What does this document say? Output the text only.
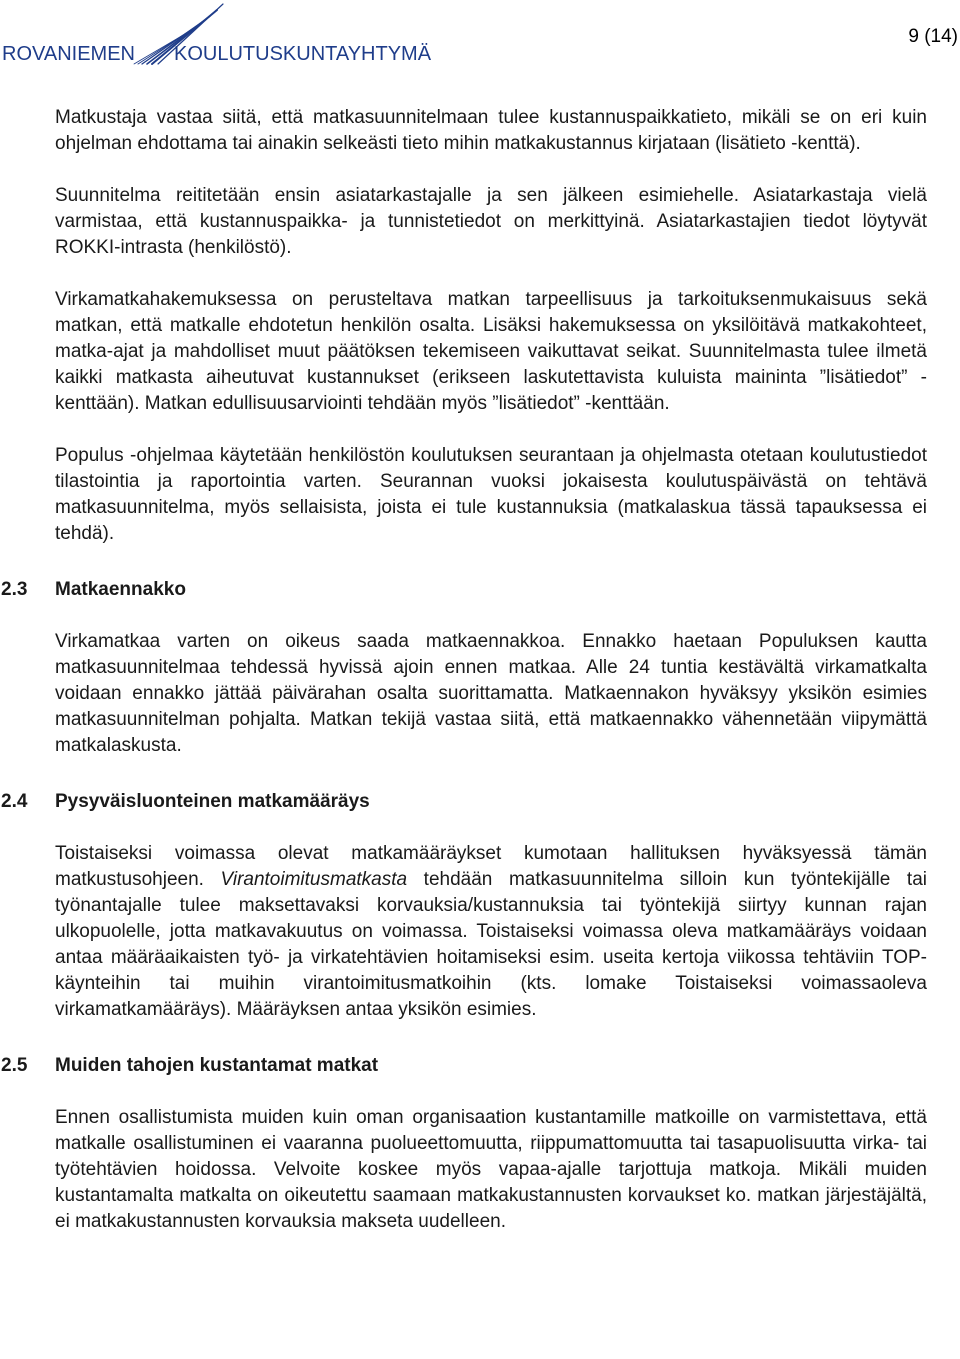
ROVANIEMEN KOULUTUSKUNTAYHTYMÄ
9 (14)

Matkustaja vastaa siitä, että matkasuunnitelmaan tulee kustannuspaikkatieto, mikäli se on eri kuin ohjelman ehdottama tai ainakin selkeästi tieto mihin matkakustannus kirjataan (lisätieto -kenttä).

Suunnitelma reititetään ensin asiatarkastajalle ja sen jälkeen esimiehelle. Asiatarkastaja vielä varmistaa, että kustannuspaikka- ja tunnistetiedot on merkittyinä. Asiatarkastajien tiedot löytyvät ROKKI-intrasta (henkilöstö).

Virkamatkahakemuksessa on perusteltava matkan tarpeellisuus ja tarkoituksenmukaisuus sekä matkan, että matkalle ehdotetun henkilön osalta. Lisäksi hakemuksessa on yksilöitävä matkakohteet, matka-ajat ja mahdolliset muut päätöksen tekemiseen vaikuttavat seikat. Suunnitelmasta tulee ilmetä kaikki matkasta aiheutuvat kustannukset (erikseen laskutettavista kuluista maininta ”lisätiedot” -kenttään). Matkan edullisuusarviointi tehdään myös ”lisätiedot” -kenttään.

Populus -ohjelmaa käytetään henkilöstön koulutuksen seurantaan ja ohjelmasta otetaan koulutustiedot tilastointia ja raportointia varten. Seurannan vuoksi jokaisesta koulutuspäivästä on tehtävä matkasuunnitelma, myös sellaisista, joista ei tule kustannuksia (matkalaskua tässä tapauksessa ei tehdä).

2.3 Matkaennakko

Virkamatkaa varten on oikeus saada matkaennakkoa. Ennakko haetaan Populuksen kautta matkasuunnitelmaa tehdessä hyvissä ajoin ennen matkaa. Alle 24 tuntia kestävältä virkamatkalta voidaan ennakko jättää päivärahan osalta suorittamatta. Matkaennakon hyväksyy yksikön esimies matkasuunnitelman pohjalta. Matkan tekijä vastaa siitä, että matkaennakko vähennetään viipymättä matkalaskusta.

2.4 Pysyväisluonteinen matkamääräys

Toistaiseksi voimassa olevat matkamääräykset kumotaan hallituksen hyväksyessä tämän matkustusohjeen. Virantoimitusmatkasta tehdään matkasuunnitelma silloin kun työntekijälle tai työnantajalle tulee maksettavaksi korvauksia/kustannuksia tai työntekijä siirtyy kunnan rajan ulkopuolelle, jotta matkavakuutus on voimassa. Toistaiseksi voimassa oleva matkamääräys voidaan antaa määräaikaisten työ- ja virkatehtävien hoitamiseksi esim. useita kertoja viikossa tehtäviin TOP-käynteihin tai muihin virantoimitusmatkoihin (kts. lomake Toistaiseksi voimassaoleva virkamatkamääräys). Määräyksen antaa yksikön esimies.

2.5 Muiden tahojen kustantamat matkat

Ennen osallistumista muiden kuin oman organisaation kustantamille matkoille on varmistettava, että matkalle osallistuminen ei vaaranna puolueettomuutta, riippumattomuutta tai tasapuolisuutta virka- tai työtehtävien hoidossa. Velvoite koskee myös vapaa-ajalle tarjottuja matkoja. Mikäli muiden kustantamalta matkalta on oikeutettu saamaan matkakustannusten korvaukset ko. matkan järjestäjältä, ei matkakustannusten korvauksia makseta uudelleen.
